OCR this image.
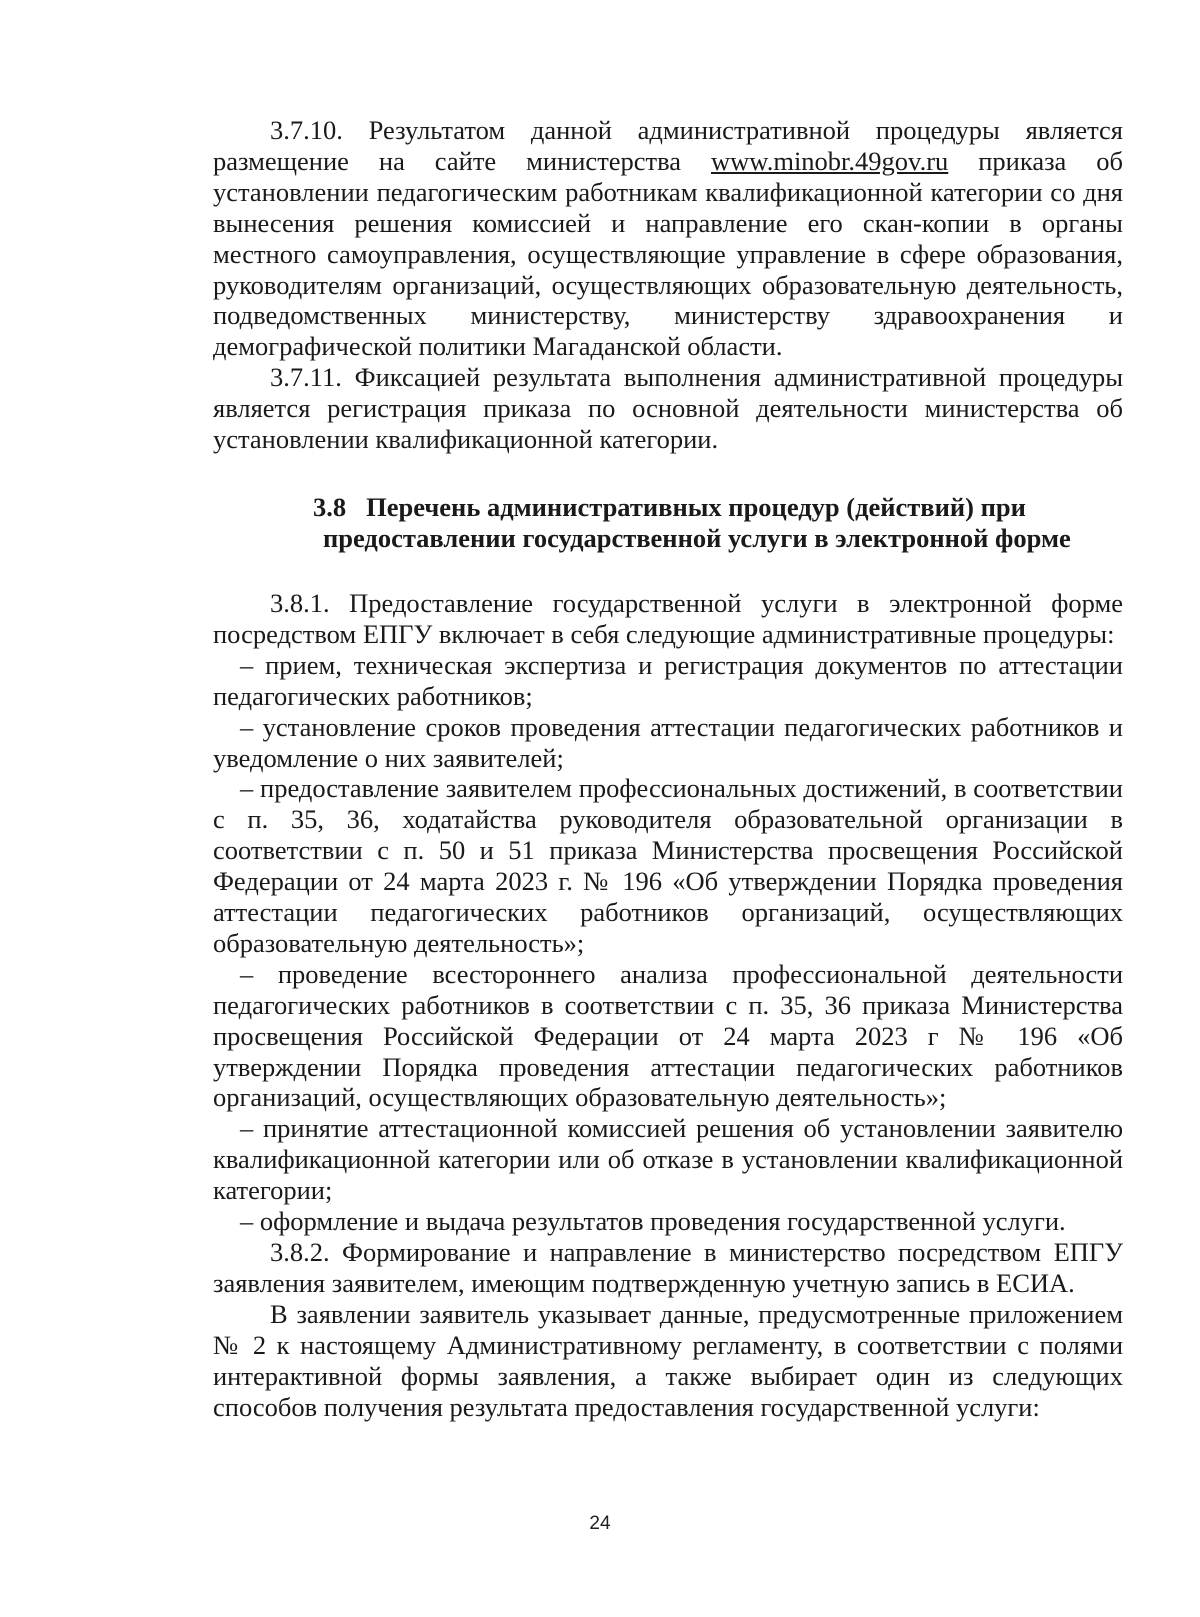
3.7.10. Результатом данной административной процедуры является размещение на сайте министерства www.minobr.49gov.ru приказа об установлении педагогическим работникам квалификационной категории со дня вынесения решения комиссией и направление его скан-копии в органы местного самоуправления, осуществляющие управление в сфере образования, руководителям организаций, осуществляющих образовательную деятельность, подведомственных министерству, министерству здравоохранения и демографической политики Магаданской области.

3.7.11. Фиксацией результата выполнения административной процедуры является регистрация приказа по основной деятельности министерства об установлении квалификационной категории.

3.8 Перечень административных процедур (действий) при
предоставлении государственной услуги в электронной форме

3.8.1. Предоставление государственной услуги в электронной форме посредством ЕПГУ включает в себя следующие административные процедуры:

– прием, техническая экспертиза и регистрация документов по аттестации педагогических работников;

– установление сроков проведения аттестации педагогических работников и уведомление о них заявителей;

– предоставление заявителем профессиональных достижений, в соответствии с п. 35, 36, ходатайства руководителя образовательной организации в соответствии с п. 50 и 51 приказа Министерства просвещения Российской Федерации от 24 марта 2023 г. № 196 «Об утверждении Порядка проведения аттестации педагогических работников организаций, осуществляющих образовательную деятельность»;

– проведение всестороннего анализа профессиональной деятельности педагогических работников в соответствии с п. 35, 36 приказа Министерства просвещения Российской Федерации от 24 марта 2023 г № 196 «Об утверждении Порядка проведения аттестации педагогических работников организаций, осуществляющих образовательную деятельность»;

– принятие аттестационной комиссией решения об установлении заявителю квалификационной категории или об отказе в установлении квалификационной категории;

– оформление и выдача результатов проведения государственной услуги.

3.8.2. Формирование и направление в министерство посредством ЕПГУ заявления заявителем, имеющим подтвержденную учетную запись в ЕСИА.

В заявлении заявитель указывает данные, предусмотренные приложением № 2 к настоящему Административному регламенту, в соответствии с полями интерактивной формы заявления, а также выбирает один из следующих способов получения результата предоставления государственной услуги:

24
